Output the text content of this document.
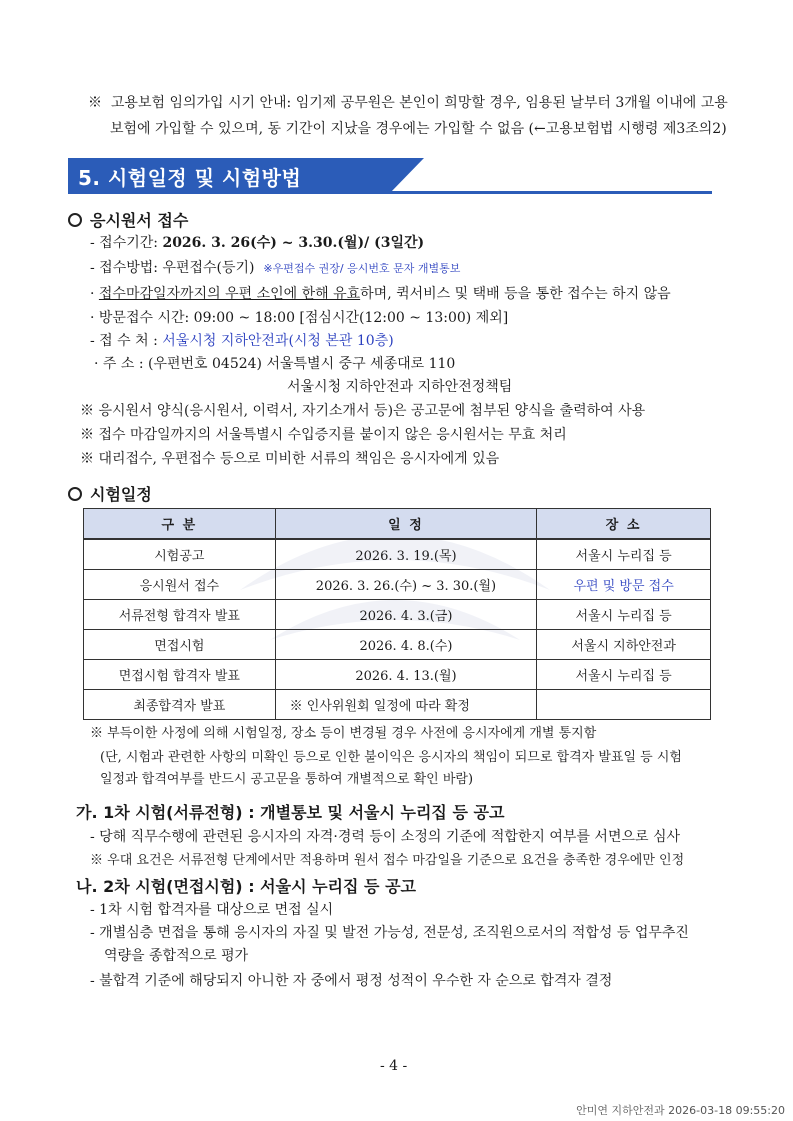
※ 고용보험 임의가입 시기 안내: 임기제 공무원은 본인이 희망할 경우, 임용된 날부터 3개월 이내에 고용
보험에 가입할 수 있으며, 동 기간이 지났을 경우에는 가입할 수 없음 (←고용보험법 시행령 제3조의2)
5. 시험일정 및 시험방법
응시원서 접수
- 접수기간: 2026. 3. 26(수) ~ 3.30.(월)/ (3일간)
- 접수방법: 우편접수(등기) ※우편접수 권장/ 응시번호 문자 개별통보
· 접수마감일자까지의 우편 소인에 한해 유효하며, 퀵서비스 및 택배 등을 통한 접수는 하지 않음
· 방문접수 시간: 09:00 ~ 18:00 [점심시간(12:00 ~ 13:00) 제외]
- 접 수 처 : 서울시청 지하안전과(시청 본관 10층)
· 주 소 : (우편번호 04524) 서울특별시 중구 세종대로 110
서울시청 지하안전과 지하안전정책팀
※ 응시원서 양식(응시원서, 이력서, 자기소개서 등)은 공고문에 첨부된 양식을 출력하여 사용
※ 접수 마감일까지의 서울특별시 수입증지를 붙이지 않은 응시원서는 무효 처리
※ 대리접수, 우편접수 등으로 미비한 서류의 책임은 응시자에게 있음
시험일정
구 분	일 정	장 소
시험공고	2026. 3. 19.(목)	서울시 누리집 등
응시원서 접수	2026. 3. 26.(수) ~ 3. 30.(월)	우편 및 방문 접수
서류전형 합격자 발표	2026. 4. 3.(금)	서울시 누리집 등
면접시험	2026. 4. 8.(수)	서울시 지하안전과
면접시험 합격자 발표	2026. 4. 13.(월)	서울시 누리집 등
최종합격자 발표	※ 인사위원회 일정에 따라 확정	
※ 부득이한 사정에 의해 시험일정, 장소 등이 변경될 경우 사전에 응시자에게 개별 통지함
(단, 시험과 관련한 사항의 미확인 등으로 인한 불이익은 응시자의 책임이 되므로 합격자 발표일 등 시험
일정과 합격여부를 반드시 공고문을 통하여 개별적으로 확인 바람)
가. 1차 시험(서류전형) : 개별통보 및 서울시 누리집 등 공고
- 당해 직무수행에 관련된 응시자의 자격·경력 등이 소정의 기준에 적합한지 여부를 서면으로 심사
※ 우대 요건은 서류전형 단계에서만 적용하며 원서 접수 마감일을 기준으로 요건을 충족한 경우에만 인정
나. 2차 시험(면접시험) : 서울시 누리집 등 공고
- 1차 시험 합격자를 대상으로 면접 실시
- 개별심층 면접을 통해 응시자의 자질 및 발전 가능성, 전문성, 조직원으로서의 적합성 등 업무추진
역량을 종합적으로 평가
- 불합격 기준에 해당되지 아니한 자 중에서 평정 성적이 우수한 자 순으로 합격자 결정
- 4 -
안미연 지하안전과 2026-03-18 09:55:20
